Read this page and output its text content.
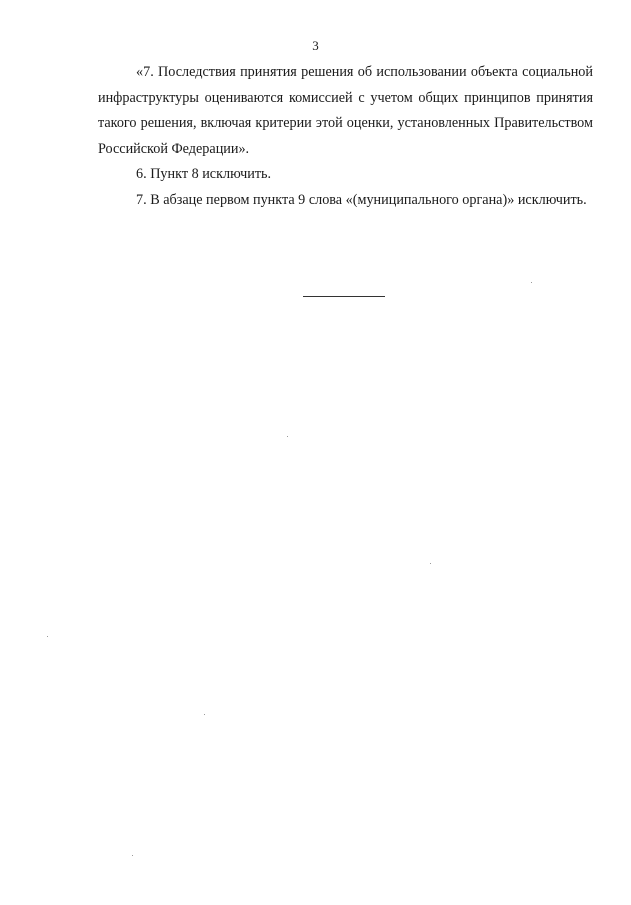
3

«7. Последствия принятия решения об использовании объекта социальной инфраструктуры оцениваются комиссией с учетом общих принципов принятия такого решения, включая критерии этой оценки, установленных Правительством Российской Федерации».

6. Пункт 8 исключить.

7. В абзаце первом пункта 9 слова «(муниципального органа)» исключить.
